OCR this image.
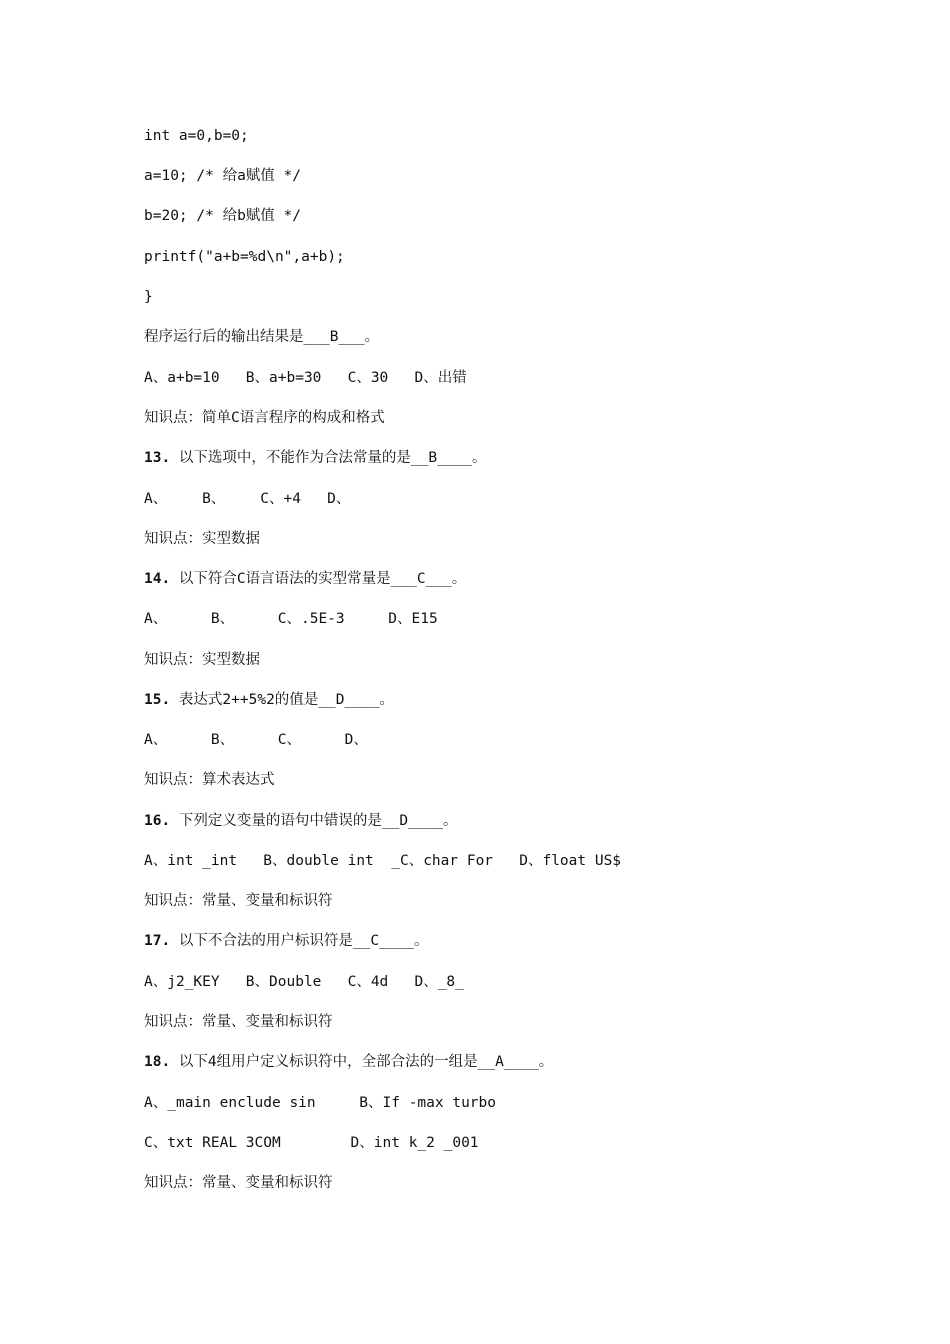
int a=0,b=0;
a=10; /* 给a赋值 */
b=20; /* 给b赋值 */
printf("a+b=%d\n",a+b);
}
程序运行后的输出结果是___B___。
A、a+b=10   B、a+b=30   C、30   D、出错
知识点：简单C语言程序的构成和格式
13. 以下选项中，不能作为合法常量的是__B____。
A、    B、    C、+4   D、
知识点：实型数据
14. 以下符合C语言语法的实型常量是___C___。
A、     B、     C、.5E-3     D、E15
知识点：实型数据
15. 表达式2++5%2的值是__D____。
A、     B、     C、     D、
知识点：算术表达式
16. 下列定义变量的语句中错误的是__D____。
A、int _int   B、double int  _C、char For   D、float US$
知识点：常量、变量和标识符
17. 以下不合法的用户标识符是__C____。
A、j2_KEY   B、Double   C、4d   D、_8_
知识点：常量、变量和标识符
18. 以下4组用户定义标识符中，全部合法的一组是__A____。
A、_main enclude sin     B、If -max turbo
C、txt REAL 3COM        D、int k_2 _001
知识点：常量、变量和标识符
